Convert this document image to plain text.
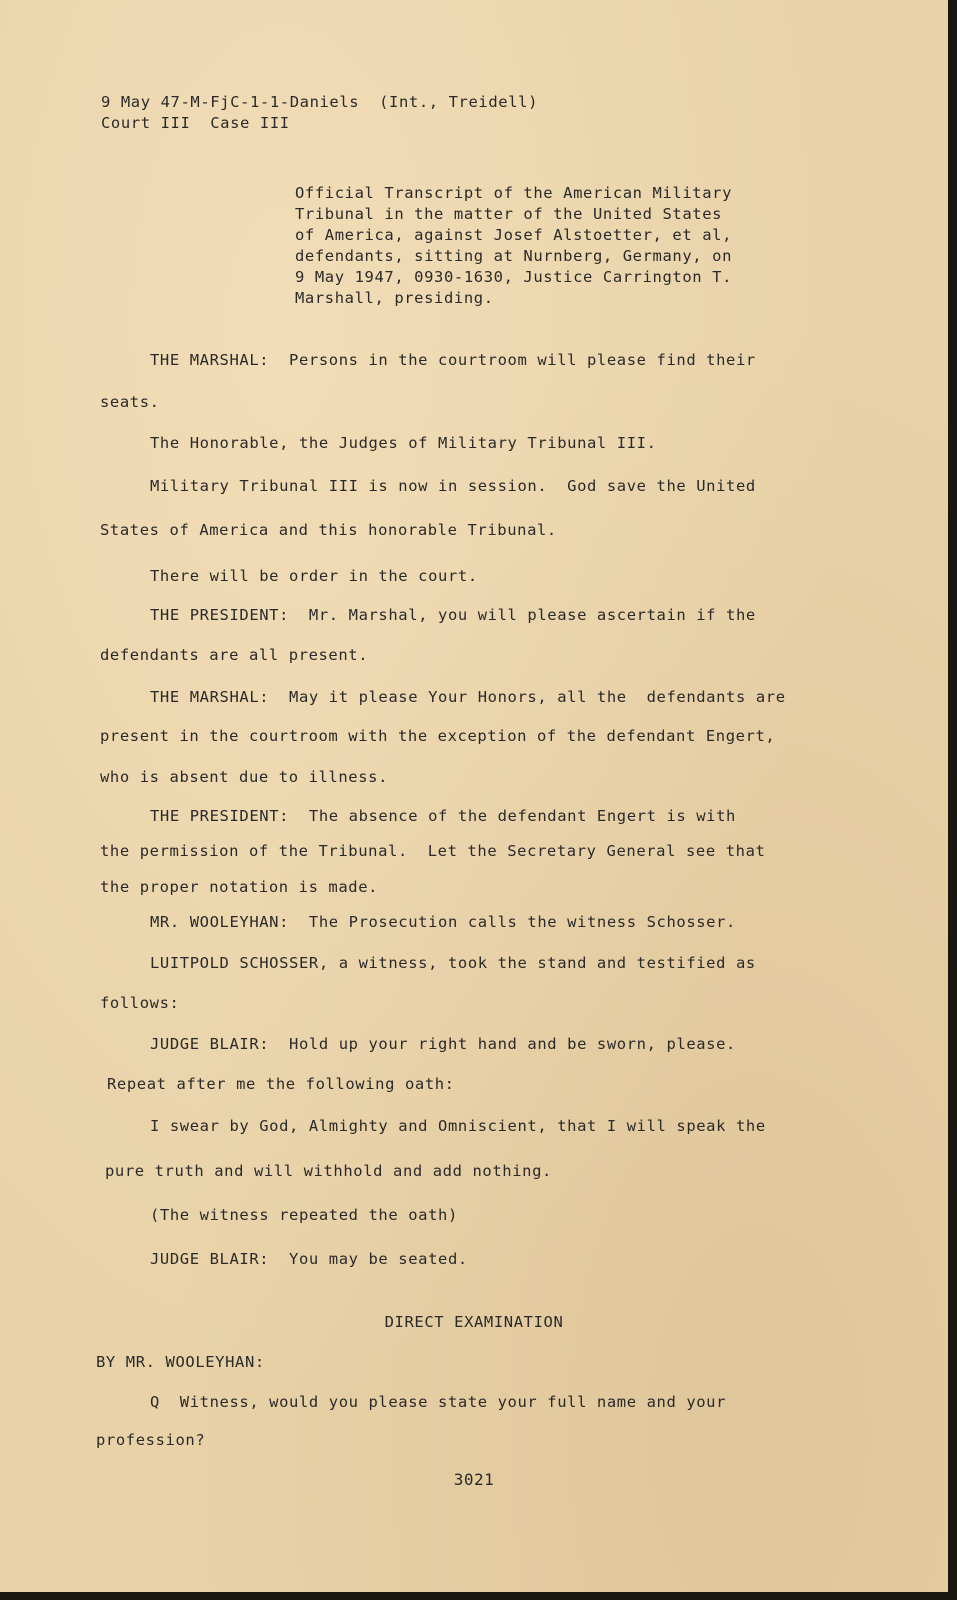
9 May 47-M-FjC-1-1-Daniels  (Int., Treidell)
Court III  Case III
Official Transcript of the American Military
Tribunal in the matter of the United States
of America, against Josef Alstoetter, et al,
defendants, sitting at Nurnberg, Germany, on
9 May 1947, 0930-1630, Justice Carrington T.
Marshall, presiding.
THE MARSHAL:  Persons in the courtroom will please find their
seats.
The Honorable, the Judges of Military Tribunal III.
Military Tribunal III is now in session.  God save the United
States of America and this honorable Tribunal.
There will be order in the court.
THE PRESIDENT:  Mr. Marshal, you will please ascertain if the
defendants are all present.
THE MARSHAL:  May it please Your Honors, all the  defendants are
present in the courtroom with the exception of the defendant Engert,
who is absent due to illness.
THE PRESIDENT:  The absence of the defendant Engert is with
the permission of the Tribunal.  Let the Secretary General see that
the proper notation is made.
MR. WOOLEYHAN:  The Prosecution calls the witness Schosser.
LUITPOLD SCHOSSER, a witness, took the stand and testified as
follows:
JUDGE BLAIR:  Hold up your right hand and be sworn, please.
Repeat after me the following oath:
I swear by God, Almighty and Omniscient, that I will speak the
pure truth and will withhold and add nothing.
(The witness repeated the oath)
JUDGE BLAIR:  You may be seated.
DIRECT EXAMINATION
BY MR. WOOLEYHAN:
Q  Witness, would you please state your full name and your
profession?
3021
